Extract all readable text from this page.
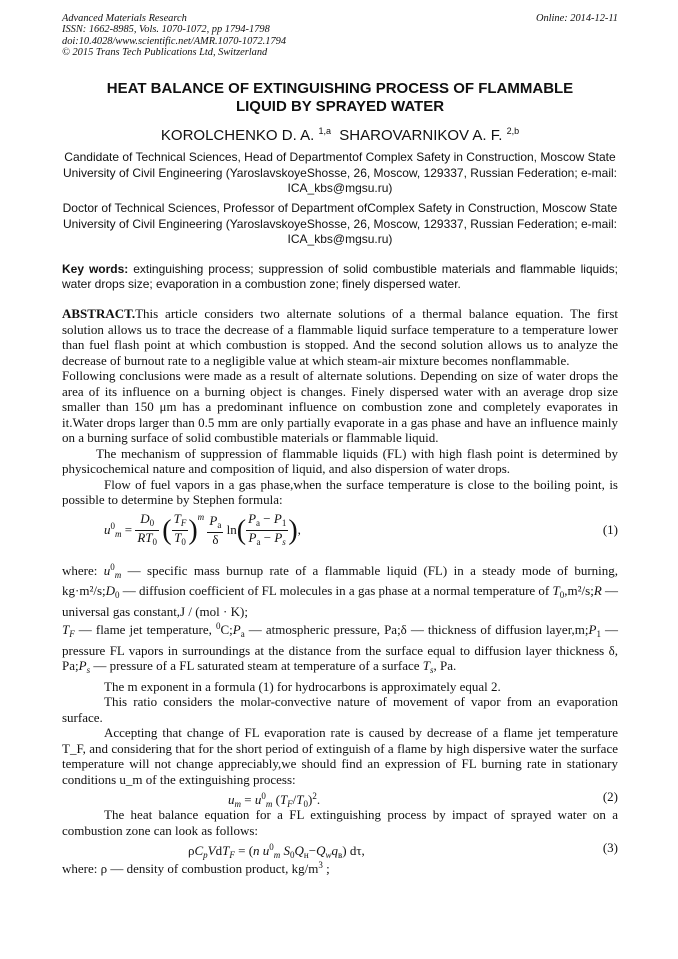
Advanced Materials Research
ISSN: 1662-8985, Vols. 1070-1072, pp 1794-1798
doi:10.4028/www.scientific.net/AMR.1070-1072.1794
© 2015 Trans Tech Publications Ltd, Switzerland
Online: 2014-12-11
HEAT BALANCE OF EXTINGUISHING PROCESS OF FLAMMABLE
LIQUID BY SPRAYED WATER
KOROLCHENKO D. A. $^{1,a}$ SHAROVARNIKOV A. F. $^{2,b}$
Candidate of Technical Sciences, Head of Departmentof Complex Safety in Construction, Moscow State University of Civil Engineering (YaroslavskoyeShosse, 26, Moscow, 129337, Russian Federation; e-mail: ICA_kbs@mgsu.ru)
Doctor of Technical Sciences, Professor of Department ofComplex Safety in Construction, Moscow State University of Civil Engineering (YaroslavskoyeShosse, 26, Moscow, 129337, Russian Federation; e-mail: ICA_kbs@mgsu.ru)
Key words: extinguishing process; suppression of solid combustible materials and flammable liquids; water drops size; evaporation in a combustion zone; finely dispersed water.

ABSTRACT.This article considers two alternate solutions of a thermal balance equation. The first solution allows us to trace the decrease of a flammable liquid surface temperature to a temperature lower than fuel flash point at which combustion is stopped. And the second solution allows us to analyze the decrease of burnout rate to a negligible value at which steam-air mixture becomes nonflammable.

Following conclusions were made as a result of alternate solutions. Depending on size of water drops the area of its influence on a burning object is changes. Finely dispersed water with an average drop size smaller than 150 μm has a predominant influence on combustion zone and completely evaporates in it.Water drops larger than 0.5 mm are only partially evaporate in a gas phase and have an influence mainly on a burning surface of solid combustible materials or flammable liquid.

The mechanism of suppression of flammable liquids (FL) with high flash point is determined by physicochemical nature and composition of liquid, and also dispersion of water drops.

Flow of fuel vapors in a gas phase,when the surface temperature is close to the boiling point, is possible to determine by Stephen formula:

$u^0_m = \frac{D_0}{RT_0}$ ( $\frac{T_F}{T_0} )^m \frac{P_a}{\delta} \ln( \frac{P_a - P_1}{P_a - P_s}$ ),	(1)

where: $u^0_m$ — specific mass burnup rate of a flammable liquid (FL) in a steady mode of burning, $kg\cdot m^2/s;D_0$ — diffusion coefficient of FL molecules in a gas phase at a normal temperature of $T_0,m^2/s;R$ — universal gas constant,J / (mol · K);

$T_F$ — flame jet temperature, $^0C;P_a$ — atmospheric pressure, Pa;δ — thickness of diffusion $layer,m;P_1$ — pressure FL vapors in surroundings at the distance from the surface equal to diffusion layer thickness δ, $Pa;P_s$ — pressure of a FL saturated steam at temperature of a surface $T_s$, Pa.

The m exponent in a formula (1) for hydrocarbons is approximately equal 2.

This ratio considers the molar-convective nature of movement of vapor from an evaporation surface.

Accepting that change of FL evaporation rate is caused by decrease of a flame jet temperature T_F, and considering that for the short period of extinguish of a flame by high dispersive water the surface temperature will not change appreciably,we should find an expression of FL burning rate in stationary conditions u_m of the extinguishing process:

$u_m = u^0_m$ $(T_F/T_0)^2$.	(2)

The heat balance equation for a FL extinguishing process by impact of sprayed water on a combustion zone can look as follows:

$\rho C_pVdT_F = (n$ $u^0_m$ $S_0Q_н-Q_wq_в$) dτ,	(3)

where: ρ — density of combustion product, $kg/m^3$ ;
